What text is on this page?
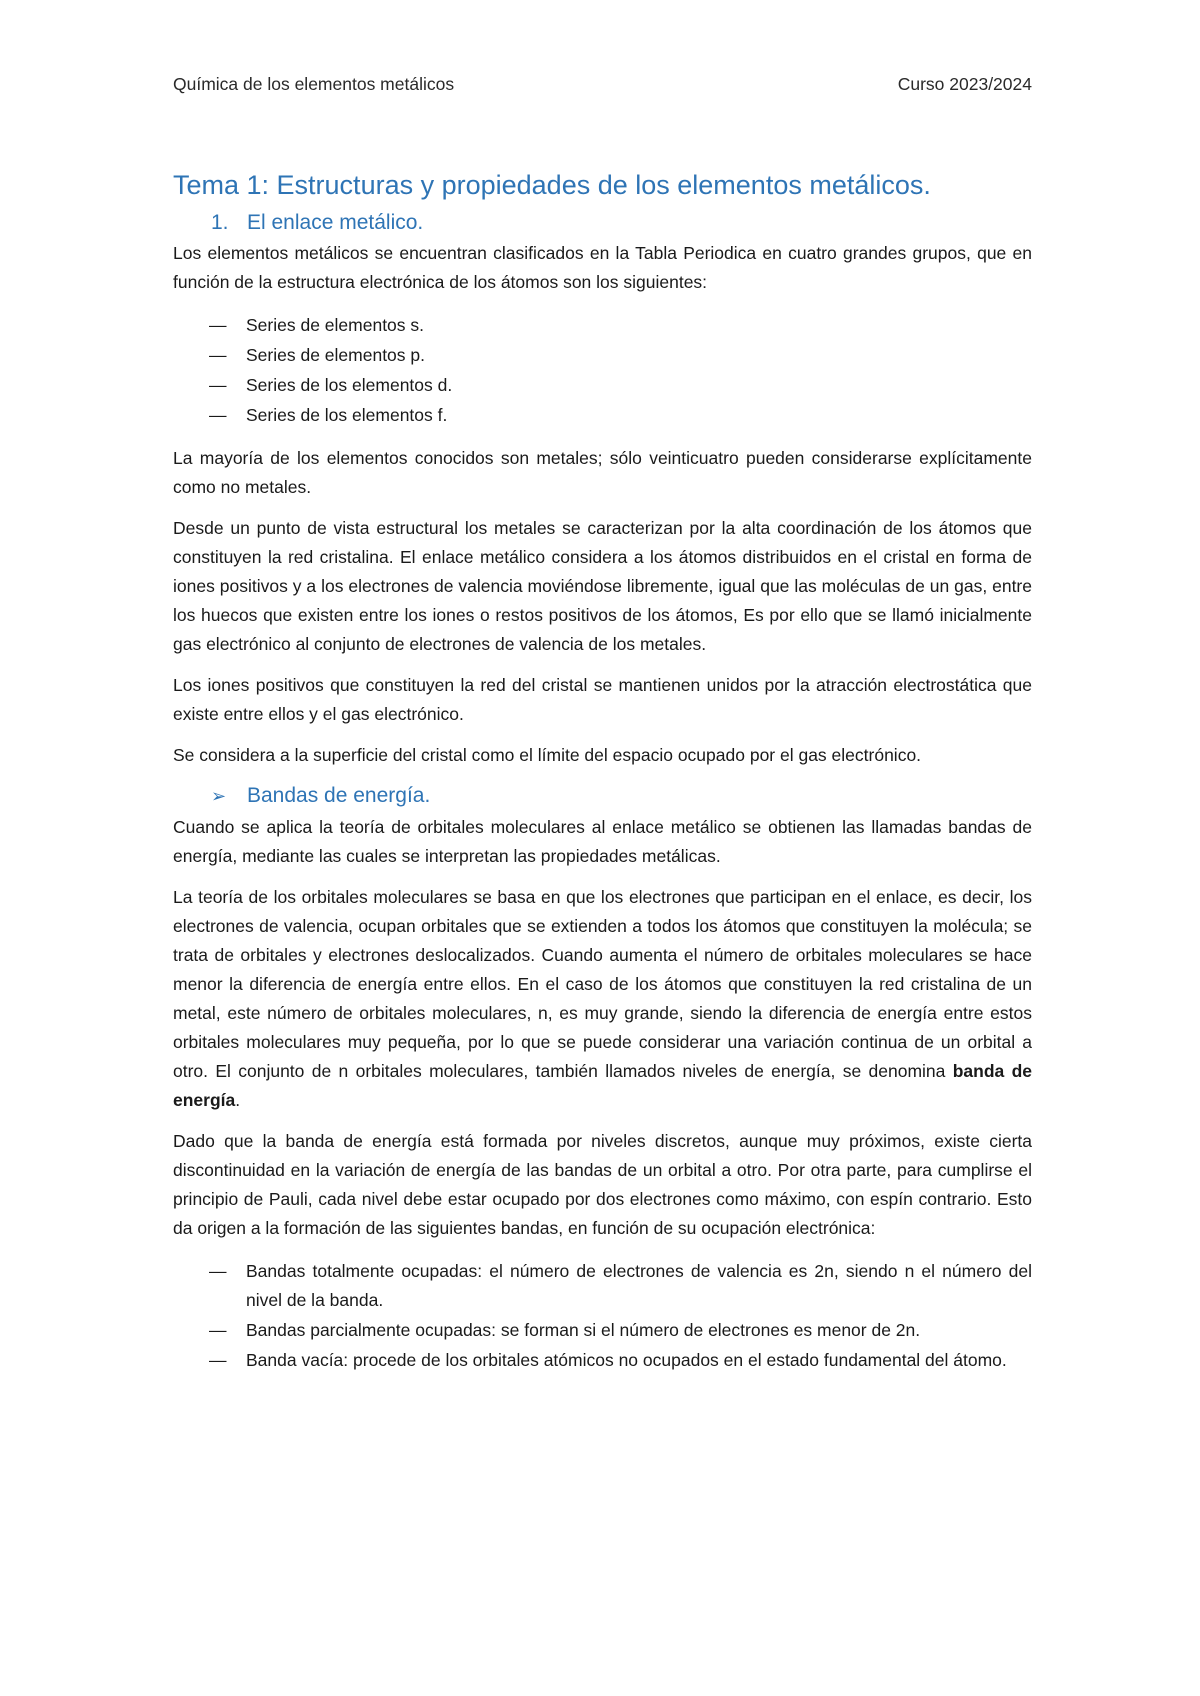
Química de los elementos metálicos	Curso 2023/2024
Tema 1: Estructuras y propiedades de los elementos metálicos.
1. El enlace metálico.

Los elementos metálicos se encuentran clasificados en la Tabla Periodica en cuatro grandes grupos, que en función de la estructura electrónica de los átomos son los siguientes:

— Series de elementos s.
— Series de elementos p.
— Series de los elementos d.
— Series de los elementos f.

La mayoría de los elementos conocidos son metales; sólo veinticuatro pueden considerarse explícitamente como no metales.

Desde un punto de vista estructural los metales se caracterizan por la alta coordinación de los átomos que constituyen la red cristalina. El enlace metálico considera a los átomos distribuidos en el cristal en forma de iones positivos y a los electrones de valencia moviéndose libremente, igual que las moléculas de un gas, entre los huecos que existen entre los iones o restos positivos de los átomos, Es por ello que se llamó inicialmente gas electrónico al conjunto de electrones de valencia de los metales.

Los iones positivos que constituyen la red del cristal se mantienen unidos por la atracción electrostática que existe entre ellos y el gas electrónico.

Se considera a la superficie del cristal como el límite del espacio ocupado por el gas electrónico.

➢ Bandas de energía.

Cuando se aplica la teoría de orbitales moleculares al enlace metálico se obtienen las llamadas bandas de energía, mediante las cuales se interpretan las propiedades metálicas.

La teoría de los orbitales moleculares se basa en que los electrones que participan en el enlace, es decir, los electrones de valencia, ocupan orbitales que se extienden a todos los átomos que constituyen la molécula; se trata de orbitales y electrones deslocalizados. Cuando aumenta el número de orbitales moleculares se hace menor la diferencia de energía entre ellos. En el caso de los átomos que constituyen la red cristalina de un metal, este número de orbitales moleculares, n, es muy grande, siendo la diferencia de energía entre estos orbitales moleculares muy pequeña, por lo que se puede considerar una variación continua de un orbital a otro. El conjunto de n orbitales moleculares, también llamados niveles de energía, se denomina banda de energía.

Dado que la banda de energía está formada por niveles discretos, aunque muy próximos, existe cierta discontinuidad en la variación de energía de las bandas de un orbital a otro. Por otra parte, para cumplirse el principio de Pauli, cada nivel debe estar ocupado por dos electrones como máximo, con espín contrario. Esto da origen a la formación de las siguientes bandas, en función de su ocupación electrónica:

— Bandas totalmente ocupadas: el número de electrones de valencia es 2n, siendo n el número del nivel de la banda.
— Bandas parcialmente ocupadas: se forman si el número de electrones es menor de 2n.
— Banda vacía: procede de los orbitales atómicos no ocupados en el estado fundamental del átomo.
